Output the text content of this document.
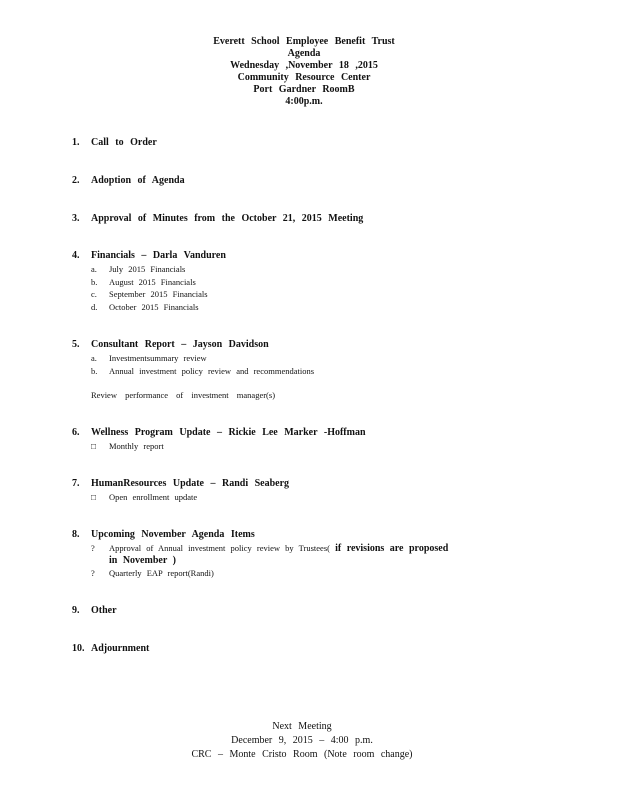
Everett School Employee Benefit Trust
Agenda
Wednesday ,November 18 ,2015
Community Resource Center
Port Gardner RoomB
4:00p.m.
1.	Call to Order
2.	Adoption of Agenda
3.	Approval of Minutes from the October 21, 2015 Meeting
4.	Financials – Darla Vanduren
a. July 2015 Financials
b. August 2015 Financials
c. September 2015 Financials
d. October 2015 Financials
5.	Consultant Report – Jayson Davidson
a. Investmentsummary review
b. Annual investment policy review and recommendations
Review performance of investment manager(s)
6.	Wellness Program Update – Rickie Lee Marker -Hoffman
□ Monthly report
7.	HumanResources Update – Randi Seaberg
□ Open enrollment update
8.	Upcoming November Agenda Items
? Approval of Annual investment policy review by Trustees( if revisions are proposed
in November )
? Quarterly EAP report(Randi)
9.	Other
10. Adjournment
Next Meeting
December 9, 2015 – 4:00 p.m.
CRC – Monte Cristo Room (Note room change)
